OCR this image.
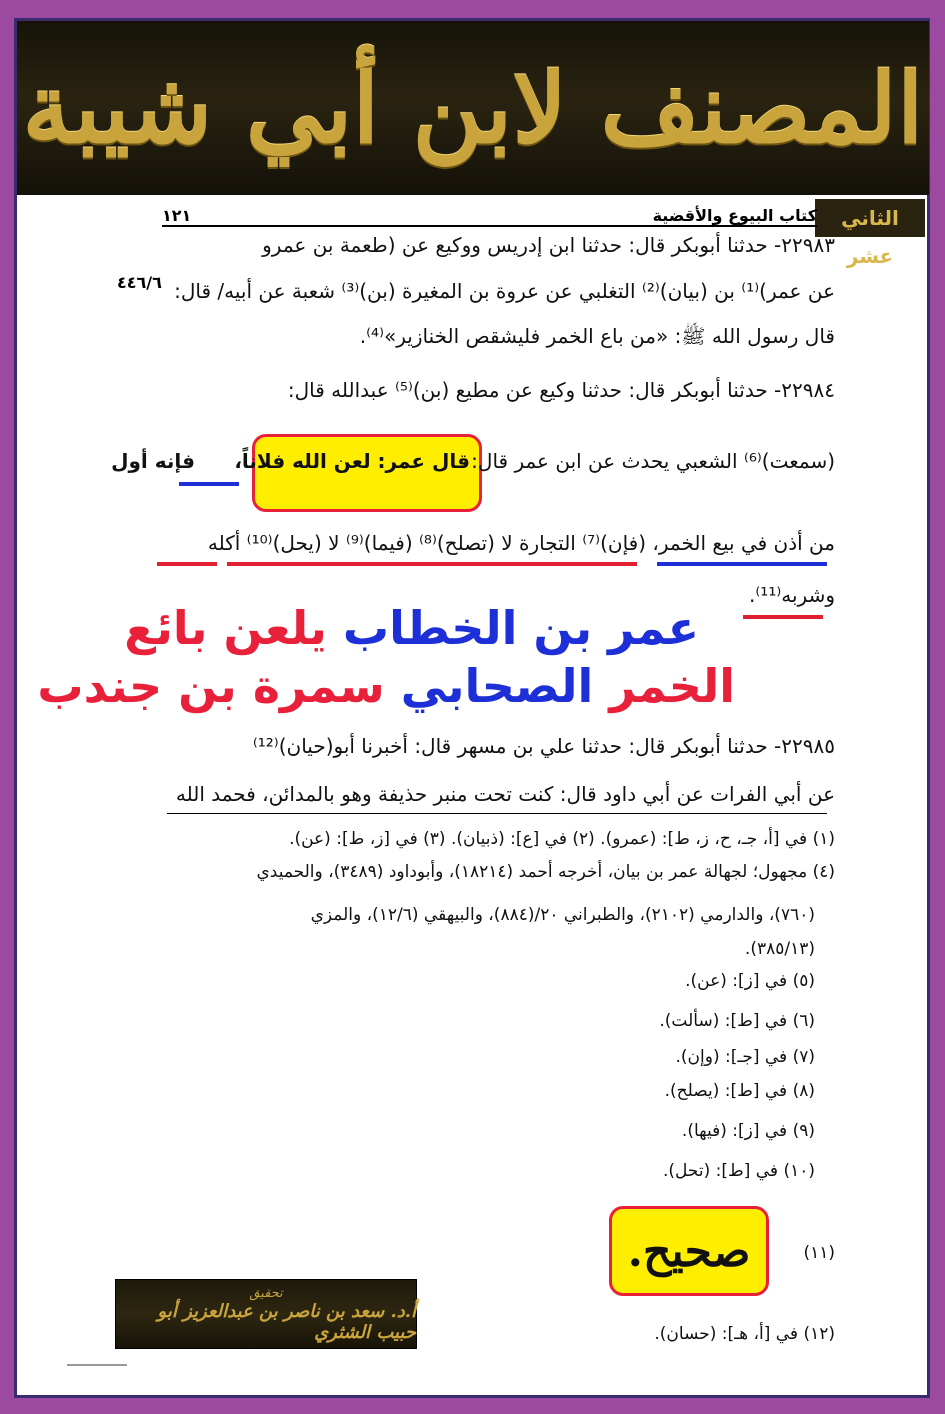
المصنف لابن أبي شيبة
الثاني عشر
كتاب البيوع والأقضية
١٢١
٤٤٦/٦
٢٢٩٨٣- حدثنا أبوبكر قال: حدثنا ابن إدريس ووكيع عن (طعمة بن عمرو
عن عمر)⁽¹⁾ بن (بيان)⁽²⁾ التغلبي عن عروة بن المغيرة (بن)⁽³⁾ شعبة عن أبيه/ قال:
قال رسول الله ﷺ: «من باع الخمر فليشقص الخنازير»⁽⁴⁾.
٢٢٩٨٤- حدثنا أبوبكر قال: حدثنا وكيع عن مطيع (بن)⁽⁵⁾ عبدالله قال:
(سمعت)⁽⁶⁾ الشعبي يحدث عن ابن عمر قال:
قال عمر: لعن الله فلاناً،
فإنه أول
من أذن في بيع الخمر، (فإن)⁽⁷⁾ التجارة لا (تصلح)⁽⁸⁾ (فيما)⁽⁹⁾ لا (يحل)⁽¹⁰⁾ أكله
وشربه⁽¹¹⁾.
عمر بن الخطاب يلعن بائع
الخمر الصحابي سمرة بن جندب
٢٢٩٨٥- حدثنا أبوبكر قال: حدثنا علي بن مسهر قال: أخبرنا أبو(حيان)⁽¹²⁾
عن أبي الفرات عن أبي داود قال: كنت تحت منبر حذيفة وهو بالمدائن، فحمد الله
(١) في [أ، جـ، ح، ز، ط]: (عمرو). (٢) في [ع]: (ذبيان). (٣) في [ز، ط]: (عن).
(٤) مجهول؛ لجهالة عمر بن بيان، أخرجه أحمد (١٨٢١٤)، وأبوداود (٣٤٨٩)، والحميدي
(٧٦٠)، والدارمي (٢١٠٢)، والطبراني ٢٠/(٨٨٤)، والبيهقي (١٢/٦)، والمزي
(٣٨٥/١٣).
(٥) في [ز]: (عن).
(٦) في [ط]: (سألت).
(٧) في [جـ]: (وإن).
(٨) في [ط]: (يصلح).
(٩) في [ز]: (فيها).
(١٠) في [ط]: (تحل).
(١١)
(١٢) في [أ، هـ]: (حسان).
صحيح.
تحقيق
أ.د. سعد بن ناصر بن عبدالعزيز أبو حبيب الشثري
